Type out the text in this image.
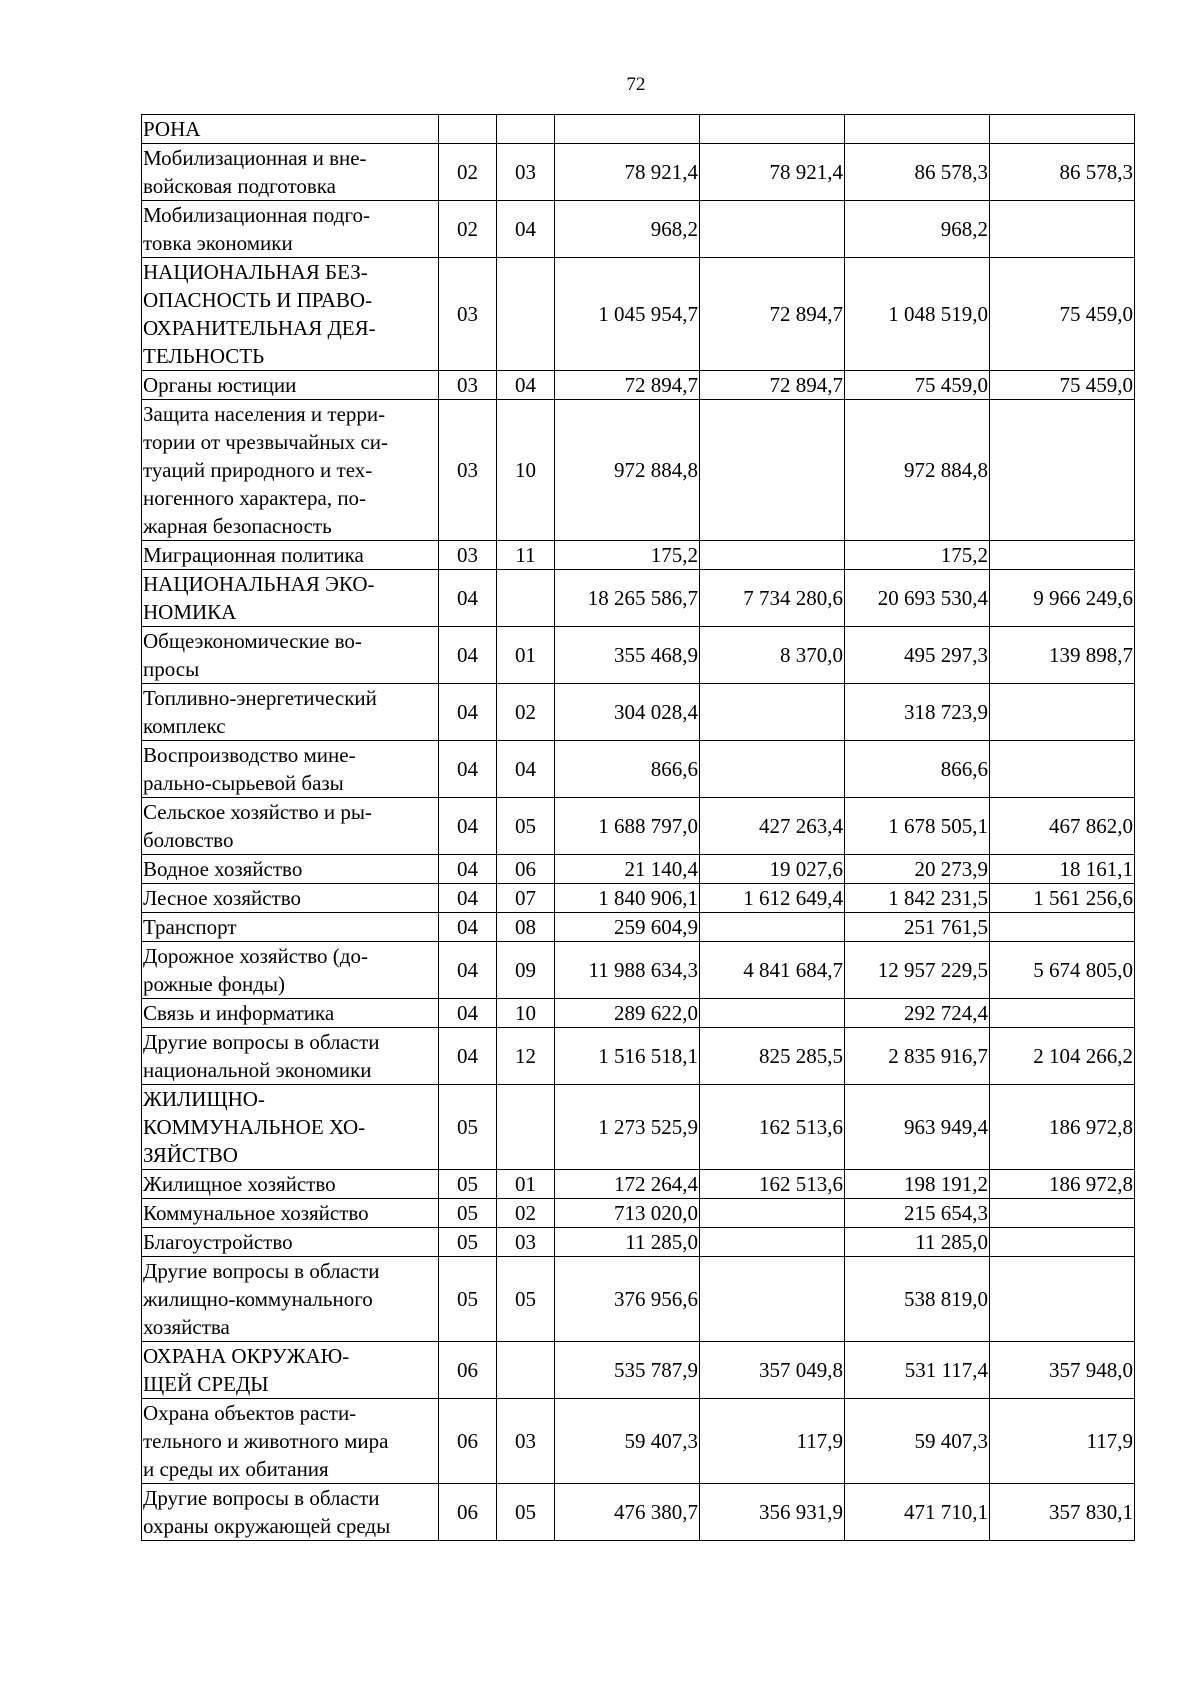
72
РОНА						

Мобилизационная и вне-
войсковая подготовка	02	03	78 921,4	78 921,4	86 578,3	86 578,3

Мобилизационная подго-
товка экономики	02	04	968,2		968,2	

НАЦИОНАЛЬНАЯ БЕЗ-
ОПАСНОСТЬ И ПРАВО-
ОХРАНИТЕЛЬНАЯ ДЕЯ-
ТЕЛЬНОСТЬ	03		1 045 954,7	72 894,7	1 048 519,0	75 459,0

Органы юстиции	03	04	72 894,7	72 894,7	75 459,0	75 459,0

Защита населения и терри-
тории от чрезвычайных си-
туаций природного и тех-
ногенного характера, по-
жарная безопасность	03	10	972 884,8		972 884,8	

Миграционная политика	03	11	175,2		175,2	

НАЦИОНАЛЬНАЯ ЭКО-
НОМИКА	04		18 265 586,7	7 734 280,6	20 693 530,4	9 966 249,6

Общеэкономические во-
просы	04	01	355 468,9	8 370,0	495 297,3	139 898,7

Топливно-энергетический
комплекс	04	02	304 028,4		318 723,9	

Воспроизводство мине-
рально-сырьевой базы	04	04	866,6		866,6	

Сельское хозяйство и ры-
боловство	04	05	1 688 797,0	427 263,4	1 678 505,1	467 862,0

Водное хозяйство	04	06	21 140,4	19 027,6	20 273,9	18 161,1

Лесное хозяйство	04	07	1 840 906,1	1 612 649,4	1 842 231,5	1 561 256,6

Транспорт	04	08	259 604,9		251 761,5	

Дорожное хозяйство (до-
рожные фонды)	04	09	11 988 634,3	4 841 684,7	12 957 229,5	5 674 805,0

Связь и информатика	04	10	289 622,0		292 724,4	

Другие вопросы в области
национальной экономики	04	12	1 516 518,1	825 285,5	2 835 916,7	2 104 266,2

ЖИЛИЩНО-
КОММУНАЛЬНОЕ ХО-
ЗЯЙСТВО	05		1 273 525,9	162 513,6	963 949,4	186 972,8

Жилищное хозяйство	05	01	172 264,4	162 513,6	198 191,2	186 972,8

Коммунальное хозяйство	05	02	713 020,0		215 654,3	

Благоустройство	05	03	11 285,0		11 285,0	

Другие вопросы в области
жилищно-коммунального
хозяйства	05	05	376 956,6		538 819,0	

ОХРАНА ОКРУЖАЮ-
ЩЕЙ СРЕДЫ	06		535 787,9	357 049,8	531 117,4	357 948,0

Охрана объектов расти-
тельного и животного мира
и среды их обитания	06	03	59 407,3	117,9	59 407,3	117,9

Другие вопросы в области
охраны окружающей среды	06	05	476 380,7	356 931,9	471 710,1	357 830,1
